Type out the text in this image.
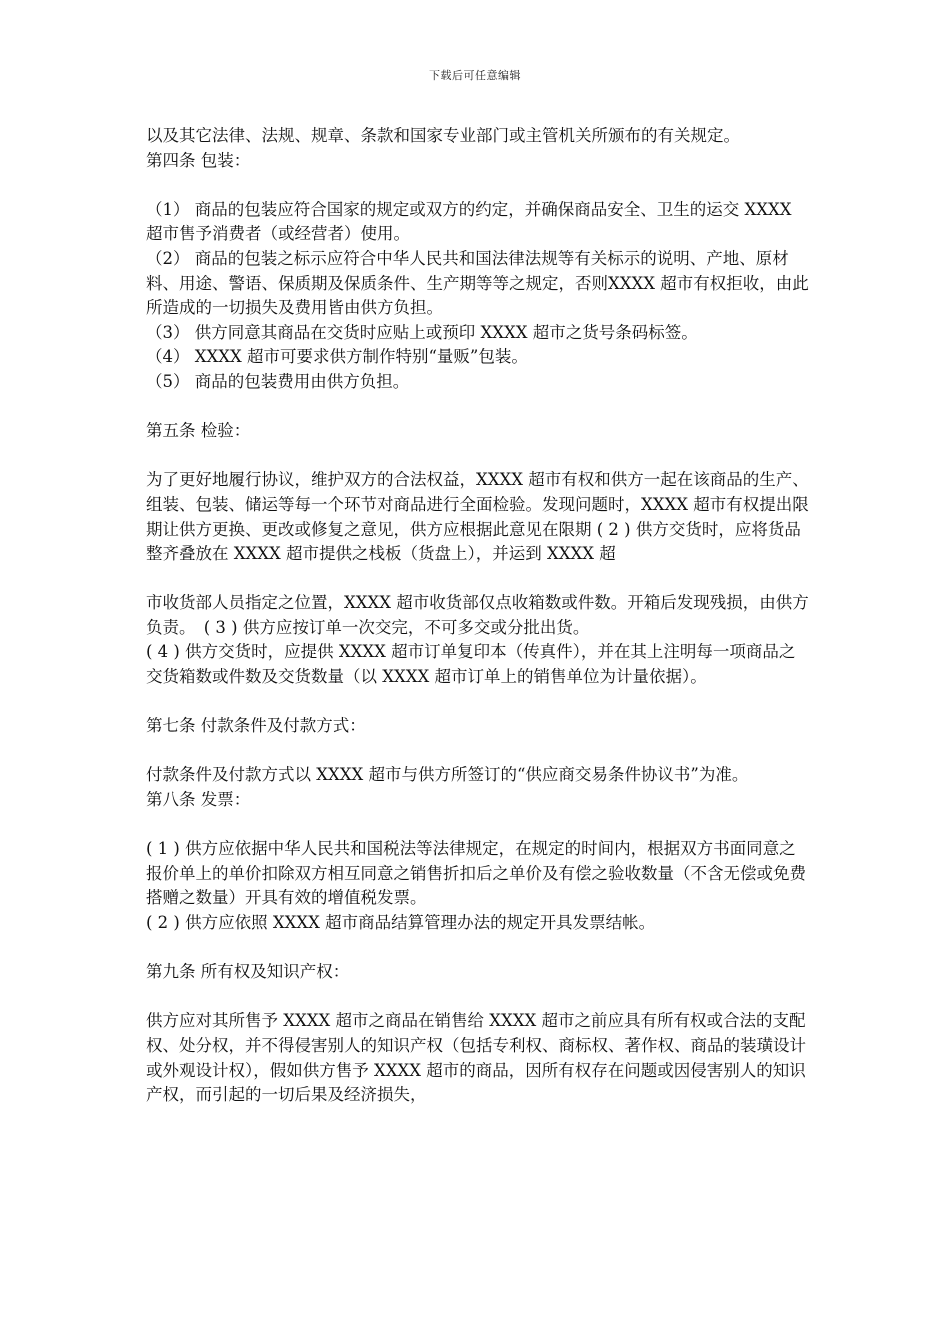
下载后可任意编辑

以及其它法律、法规、规章、条款和国家专业部门或主管机关所颁布的有关规定。

第四条 包装：

（1） 商品的包装应符合国家的规定或双方的约定，并确保商品安全、卫生的运交 XXXX 超市售予消费者（或经营者）使用。

（2） 商品的包装之标示应符合中华人民共和国法律法规等有关标示的说明、产地、原材料、用途、警语、保质期及保质条件、生产期等等之规定，否则XXXX 超市有权拒收，由此所造成的一切损失及费用皆由供方负担。

（3） 供方同意其商品在交货时应贴上或预印 XXXX 超市之货号条码标签。

（4） XXXX 超市可要求供方制作特别“量贩”包装。

（5） 商品的包装费用由供方负担。

第五条 检验：

为了更好地履行协议，维护双方的合法权益，XXXX 超市有权和供方一起在该商品的生产、组装、包装、储运等每一个环节对商品进行全面检验。发现问题时，XXXX 超市有权提出限期让供方更换、更改或修复之意见，供方应根据此意见在限期 ( 2 ) 供方交货时，应将货品整齐叠放在 XXXX 超市提供之栈板（货盘上），并运到 XXXX 超

市收货部人员指定之位置，XXXX 超市收货部仅点收箱数或件数。开箱后发现残损，由供方负责。　( 3 ) 供方应按订单一次交完，不可多交或分批出货。

( 4 ) 供方交货时，应提供 XXXX 超市订单复印本（传真件），并在其上注明每一项商品之交货箱数或件数及交货数量（以 XXXX 超市订单上的销售单位为计量依据）。

第七条 付款条件及付款方式：

付款条件及付款方式以 XXXX 超市与供方所签订的“供应商交易条件协议书”为准。

第八条 发票：

( 1 ) 供方应依据中华人民共和国税法等法律规定，在规定的时间内，根据双方书面同意之报价单上的单价扣除双方相互同意之销售折扣后之单价及有偿之验收数量（不含无偿或免费搭赠之数量）开具有效的增值税发票。

( 2 ) 供方应依照 XXXX 超市商品结算管理办法的规定开具发票结帐。

第九条 所有权及知识产权：

供方应对其所售予 XXXX 超市之商品在销售给 XXXX 超市之前应具有所有权或合法的支配权、处分权，并不得侵害别人的知识产权（包括专利权、商标权、著作权、商品的装璜设计或外观设计权），假如供方售予 XXXX 超市的商品，因所有权存在问题或因侵害别人的知识产权，而引起的一切后果及经济损失，
